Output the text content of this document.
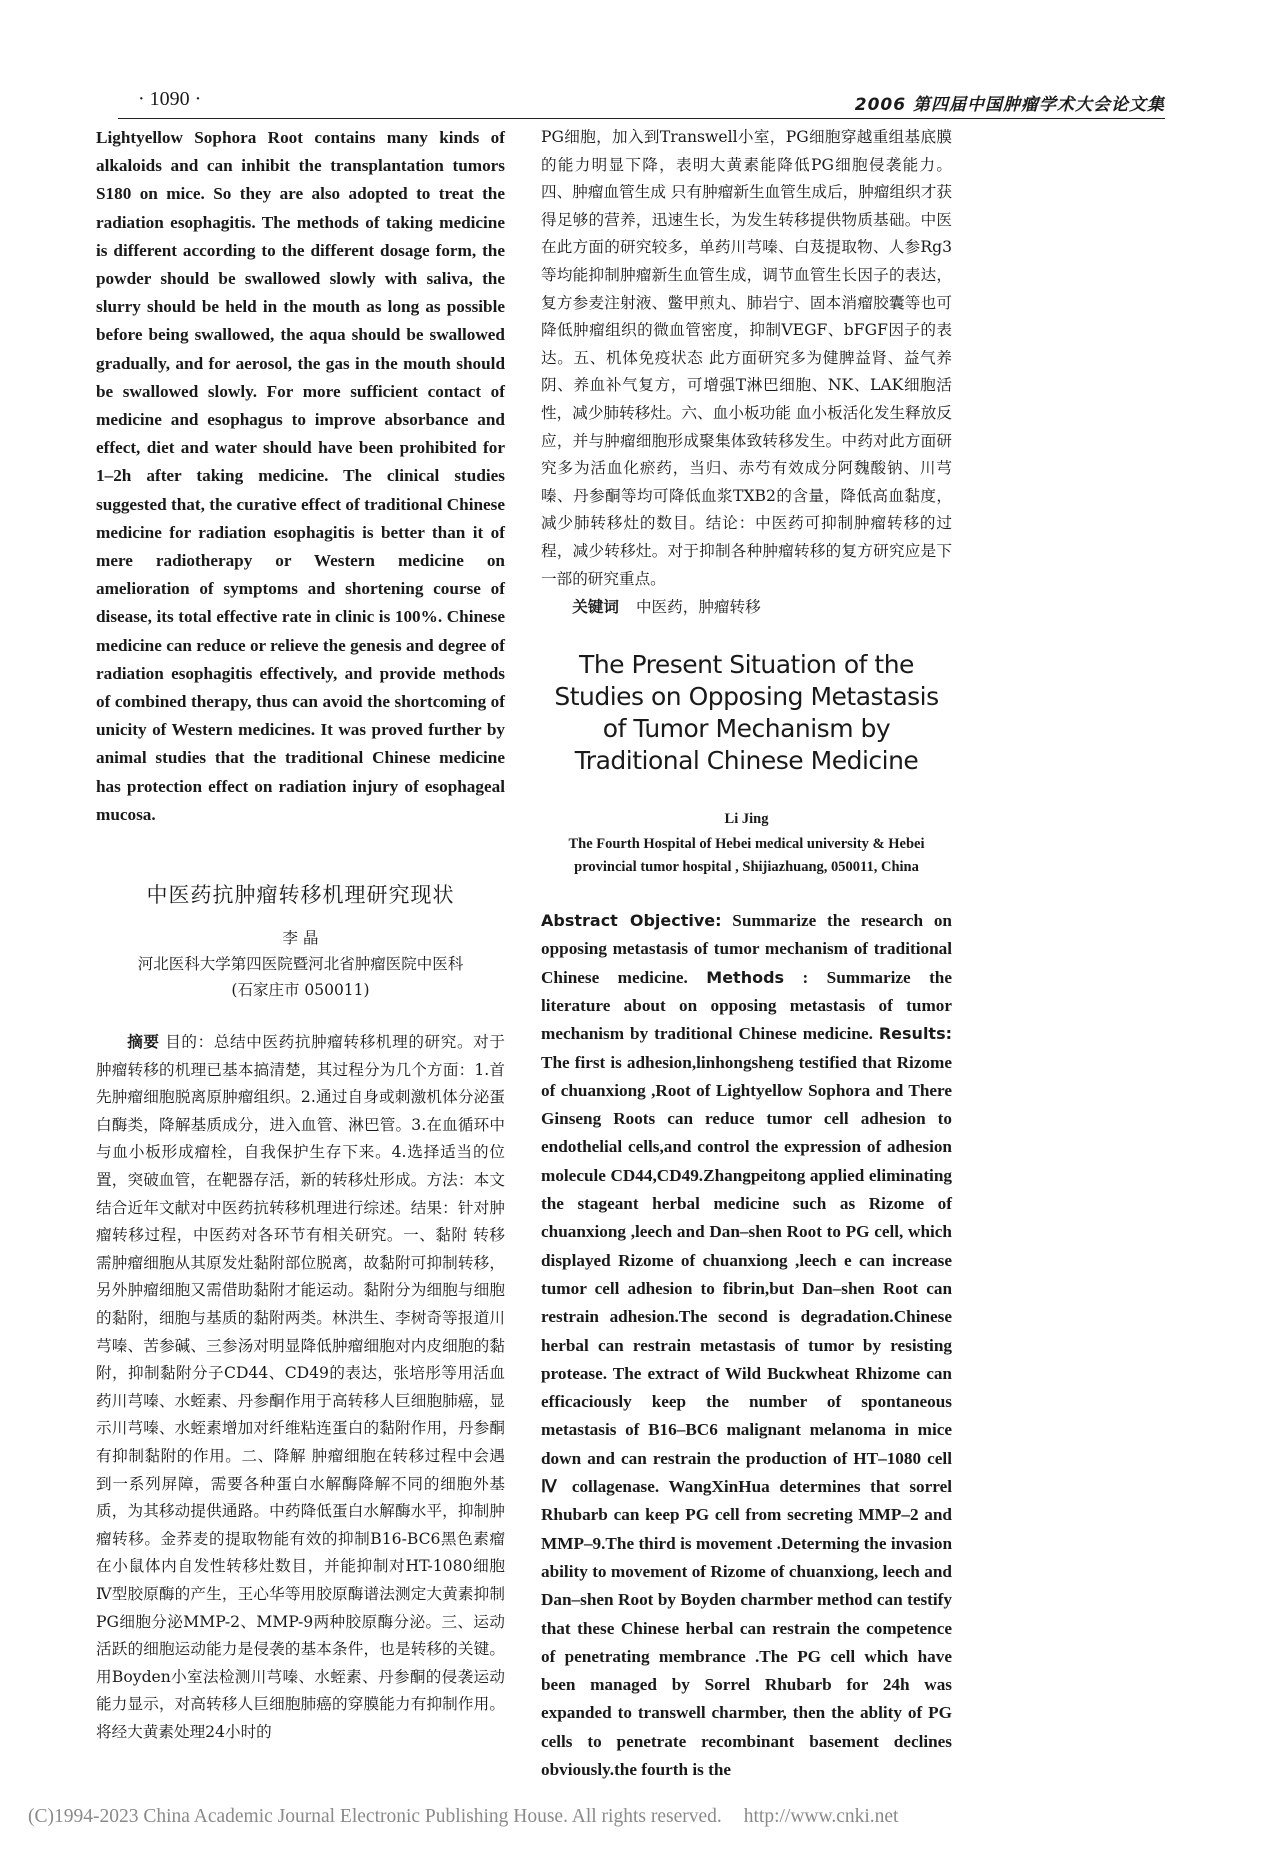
· 1090 ·	2006 第四届中国肿瘤学术大会论文集

Lightyellow Sophora Root contains many kinds of alkaloids and can inhibit the transplantation tumors S180 on mice. So they are also adopted to treat the radiation esophagitis. The methods of taking medicine is different according to the different dosage form, the powder should be swallowed slowly with saliva, the slurry should be held in the mouth as long as possible before being swallowed, the aqua should be swallowed gradually, and for aerosol, the gas in the mouth should be swallowed slowly. For more sufficient contact of medicine and esophagus to improve absorbance and effect, diet and water should have been prohibited for 1–2h after taking medicine. The clinical studies suggested that, the curative effect of traditional Chinese medicine for radiation esophagitis is better than it of mere radiotherapy or Western medicine on amelioration of symptoms and shortening course of disease, its total effective rate in clinic is 100%. Chinese medicine can reduce or relieve the genesis and degree of radiation esophagitis effectively, and provide methods of combined therapy, thus can avoid the shortcoming of unicity of Western medicines. It was proved further by animal studies that the traditional Chinese medicine has protection effect on radiation injury of esophageal mucosa.

中医药抗肿瘤转移机理研究现状
李 晶
河北医科大学第四医院暨河北省肿瘤医院中医科
(石家庄市 050011)

摘要 目的：总结中医药抗肿瘤转移机理的研究。对于肿瘤转移的机理已基本搞清楚，其过程分为几个方面：1.首先肿瘤细胞脱离原肿瘤组织。2.通过自身或刺激机体分泌蛋白酶类，降解基质成分，进入血管、淋巴管。3.在血循环中与血小板形成瘤栓，自我保护生存下来。4.选择适当的位置，突破血管，在靶器存活，新的转移灶形成。方法：本文结合近年文献对中医药抗转移机理进行综述。结果：针对肿瘤转移过程，中医药对各环节有相关研究。一、黏附 转移需肿瘤细胞从其原发灶黏附部位脱离，故黏附可抑制转移，另外肿瘤细胞又需借助黏附才能运动。黏附分为细胞与细胞的黏附，细胞与基质的黏附两类。林洪生、李树奇等报道川芎嗪、苦参碱、三参汤对明显降低肿瘤细胞对内皮细胞的黏附，抑制黏附分子CD44、CD49的表达，张培彤等用活血药川芎嗪、水蛭素、丹参酮作用于高转移人巨细胞肺癌，显示川芎嗪、水蛭素增加对纤维粘连蛋白的黏附作用，丹参酮有抑制黏附的作用。二、降解 肿瘤细胞在转移过程中会遇到一系列屏障，需要各种蛋白水解酶降解不同的细胞外基质，为其移动提供通路。中药降低蛋白水解酶水平，抑制肿瘤转移。金荞麦的提取物能有效的抑制B16-BC6黑色素瘤在小鼠体内自发性转移灶数目，并能抑制对HT-1080细胞Ⅳ型胶原酶的产生，王心华等用胶原酶谱法测定大黄素抑制PG细胞分泌MMP-2、MMP-9两种胶原酶分泌。三、运动 活跃的细胞运动能力是侵袭的基本条件，也是转移的关键。用Boyden小室法检测川芎嗪、水蛭素、丹参酮的侵袭运动能力显示，对高转移人巨细胞肺癌的穿膜能力有抑制作用。将经大黄素处理24小时的

PG细胞，加入到Transwell小室，PG细胞穿越重组基底膜的能力明显下降，表明大黄素能降低PG细胞侵袭能力。四、肿瘤血管生成 只有肿瘤新生血管生成后，肿瘤组织才获得足够的营养，迅速生长，为发生转移提供物质基础。中医在此方面的研究较多，单药川芎嗪、白芨提取物、人参Rg3等均能抑制肿瘤新生血管生成，调节血管生长因子的表达，复方参麦注射液、鳖甲煎丸、肺岩宁、固本消瘤胶囊等也可降低肿瘤组织的微血管密度，抑制VEGF、bFGF因子的表达。五、机体免疫状态 此方面研究多为健脾益肾、益气养阴、养血补气复方，可增强T淋巴细胞、NK、LAK细胞活性，减少肺转移灶。六、血小板功能 血小板活化发生释放反应，并与肿瘤细胞形成聚集体致转移发生。中药对此方面研究多为活血化瘀药，当归、赤芍有效成分阿魏酸钠、川芎嗪、丹参酮等均可降低血浆TXB2的含量，降低高血黏度，减少肺转移灶的数目。结论：中医药可抑制肿瘤转移的过程，减少转移灶。对于抑制各种肿瘤转移的复方研究应是下一部的研究重点。

关键词 中医药，肿瘤转移
The Present Situation of the Studies on Opposing Metastasis of Tumor Mechanism by Traditional Chinese Medicine
Li Jing
The Fourth Hospital of Hebei medical university & Hebei
provincial tumor hospital , Shijiazhuang, 050011, China

Abstract Objective: Summarize the research on opposing metastasis of tumor mechanism of traditional Chinese medicine. Methods : Summarize the literature about on opposing metastasis of tumor mechanism by traditional Chinese medicine. Results: The first is adhesion,linhongsheng testified that Rizome of chuanxiong ,Root of Lightyellow Sophora and There Ginseng Roots can reduce tumor cell adhesion to endothelial cells,and control the expression of adhesion molecule CD44,CD49.Zhangpeitong applied eliminating the stageant herbal medicine such as Rizome of chuanxiong ,leech and Dan–shen Root to PG cell, which displayed Rizome of chuanxiong ,leech e can increase tumor cell adhesion to fibrin,but Dan–shen Root can restrain adhesion.The second is degradation.Chinese herbal can restrain metastasis of tumor by resisting protease. The extract of Wild Buckwheat Rhizome can efficaciously keep the number of spontaneous metastasis of B16–BC6 malignant melanoma in mice down and can restrain the production of HT–1080 cell Ⅳ collagenase. WangXinHua determines that sorrel Rhubarb can keep PG cell from secreting MMP–2 and MMP–9.The third is movement .Determing the invasion ability to movement of Rizome of chuanxiong, leech and Dan–shen Root by Boyden charmber method can testify that these Chinese herbal can restrain the competence of penetrating membrance .The PG cell which have been managed by Sorrel Rhubarb for 24h was expanded to transwell charmber, then the ablity of PG cells to penetrate recombinant basement declines obviously.the fourth is the

(C)1994-2023 China Academic Journal Electronic Publishing House. All rights reserved. http://www.cnki.net
